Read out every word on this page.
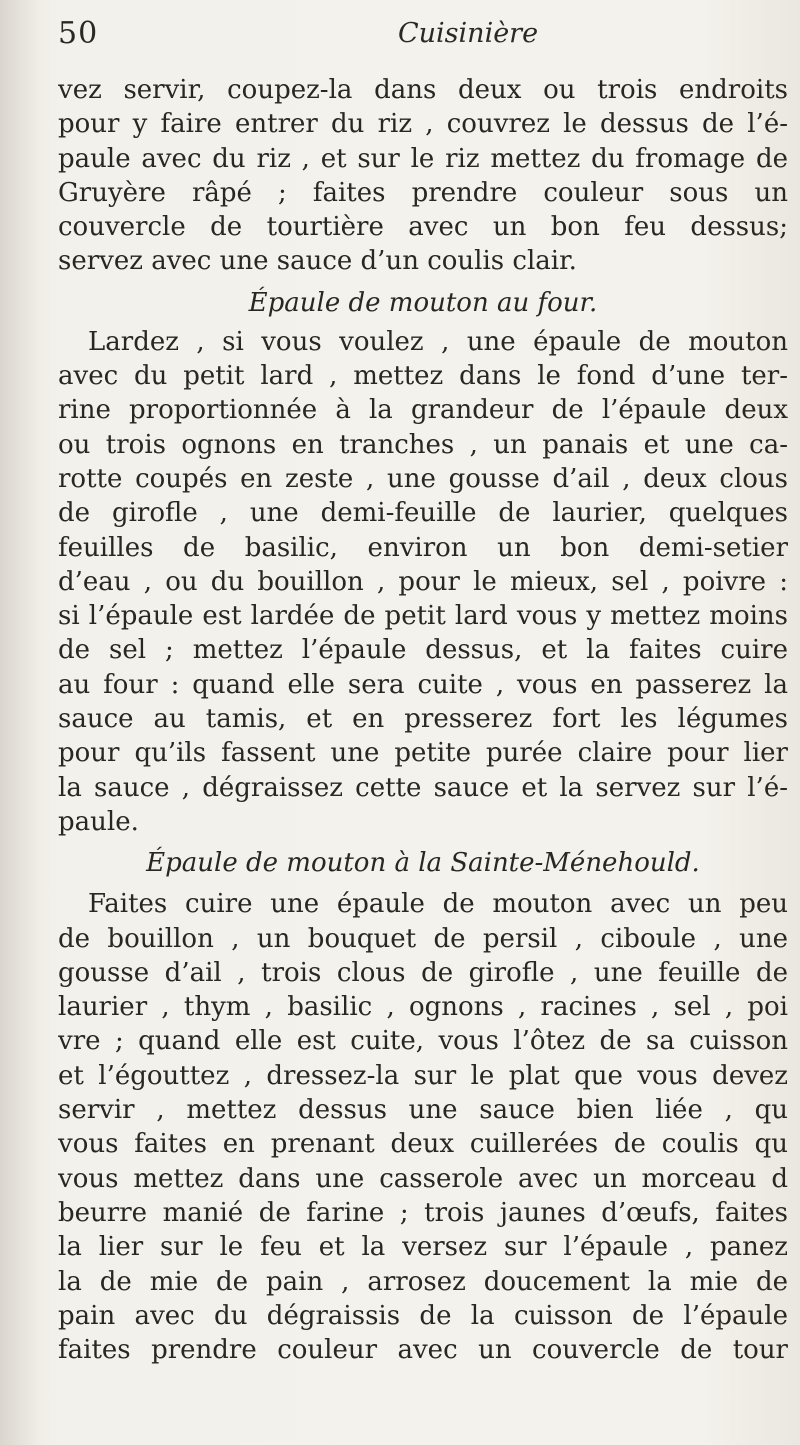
50	Cuisinière
vez servir, coupez-la dans deux ou trois endroits
pour y faire entrer du riz , couvrez le dessus de l’é-
paule avec du riz , et sur le riz mettez du fromage de
Gruyère râpé ; faites prendre couleur sous un
couvercle de tourtière avec un bon feu dessus;
servez avec une sauce d’un coulis clair.
Épaule de mouton au four.
Lardez , si vous voulez , une épaule de mouton
avec du petit lard , mettez dans le fond d’une ter-
rine proportionnée à la grandeur de l’épaule deux
ou trois ognons en tranches , un panais et une ca-
rotte coupés en zeste , une gousse d’ail , deux clous
de girofle , une demi-feuille de laurier, quelques
feuilles de basilic, environ un bon demi-setier
d’eau , ou du bouillon , pour le mieux, sel , poivre :
si l’épaule est lardée de petit lard vous y mettez moins
de sel ; mettez l’épaule dessus, et la faites cuire
au four : quand elle sera cuite , vous en passerez la
sauce au tamis, et en presserez fort les légumes
pour qu’ils fassent une petite purée claire pour lier
la sauce , dégraissez cette sauce et la servez sur l’é-
paule.
Épaule de mouton à la Sainte-Ménehould.
Faites cuire une épaule de mouton avec un peu
de bouillon , un bouquet de persil , ciboule , une
gousse d’ail , trois clous de girofle , une feuille de
laurier , thym , basilic , ognons , racines , sel , poi
vre ; quand elle est cuite, vous l’ôtez de sa cuisson
et l’égouttez , dressez-la sur le plat que vous devez
servir , mettez dessus une sauce bien liée , qu
vous faites en prenant deux cuillerées de coulis qu
vous mettez dans une casserole avec un morceau d
beurre manié de farine ; trois jaunes d’œufs, faites
la lier sur le feu et la versez sur l’épaule , panez
la de mie de pain , arrosez doucement la mie de
pain avec du dégraissis de la cuisson de l’épaule
faites prendre couleur avec un couvercle de tour
